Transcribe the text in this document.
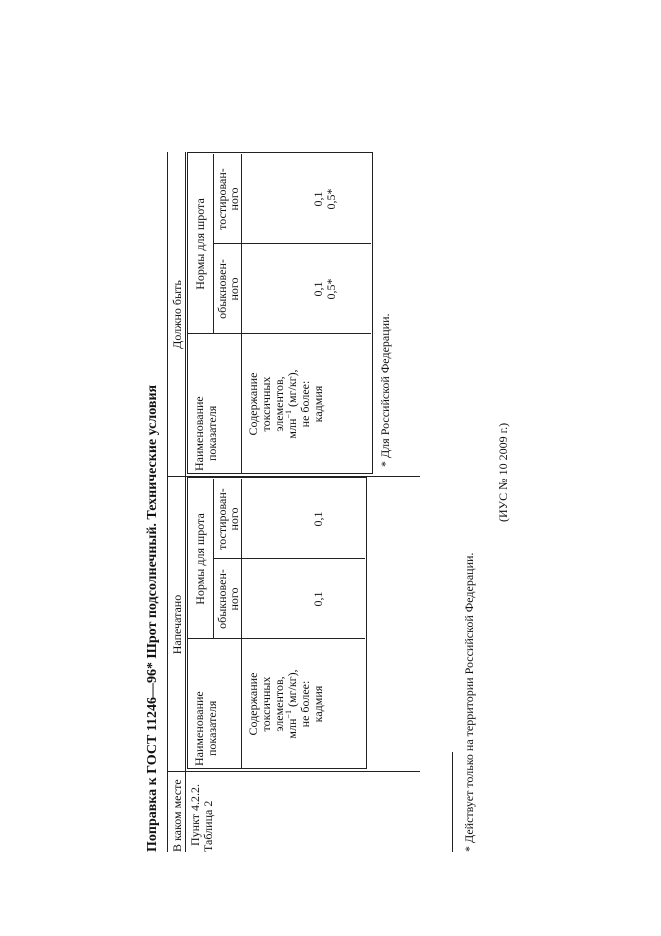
Поправка к ГОСТ 11246—96* Шрот подсолнечный. Технические условия В каком месте
Напечатано
Должно быть
Пункт 4.2.2. Таблица 2
Наименование показателя
Нормы для шрота обыкновен-
ного
тостирован-
ного
Содержание токсичных элементов, млн$^{-1}$ (мг/кг), не более: кадмия
0,1
0,1
Наименование показателя
Нормы для шрота обыкновен-
ного
тостирован-
ного
Содержание токсичных элементов, млн$^{-1}$ (мг/кг), не более: кадмия
0,1 0,5*
0,1 0,5*
* Для Российской Федерации.
* Действует только на территории Российской Федерации.
(ИУС № 10 2009 г.)
